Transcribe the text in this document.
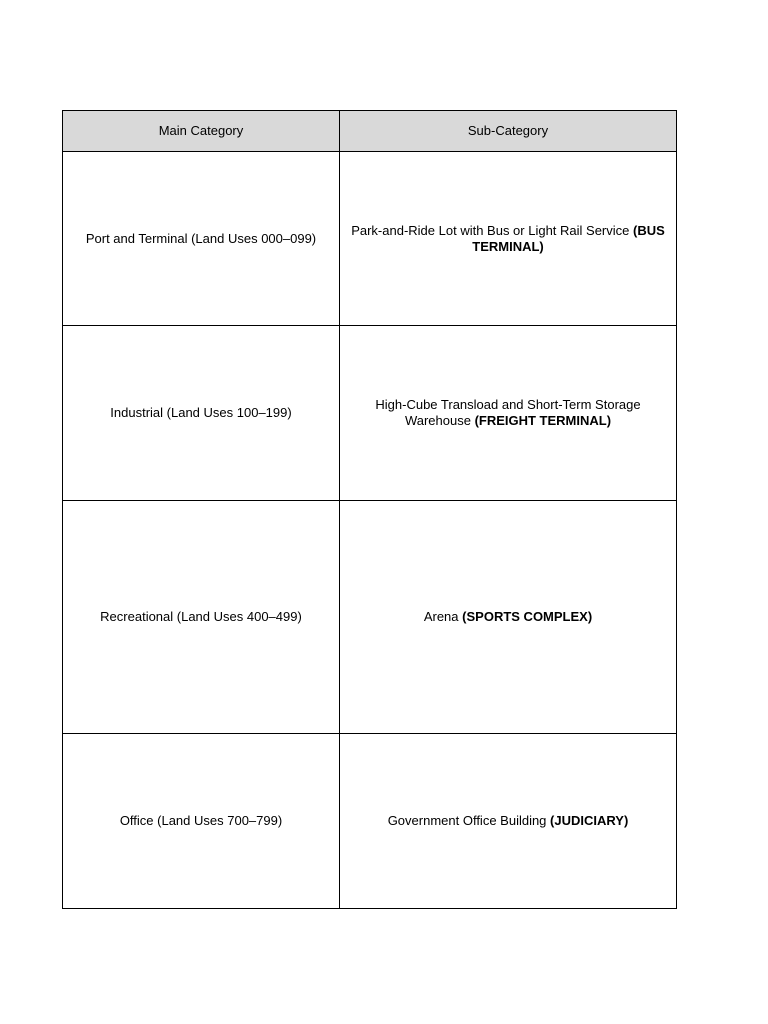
Main Category	Sub-Category
Port and Terminal (Land Uses 000–099)	Park-and-Ride Lot with Bus or Light Rail Service (BUS TERMINAL)
Industrial (Land Uses 100–199)	High-Cube Transload and Short-Term Storage Warehouse (FREIGHT TERMINAL)
Recreational (Land Uses 400–499)	Arena (SPORTS COMPLEX)
Office (Land Uses 700–799)	Government Office Building (JUDICIARY)
